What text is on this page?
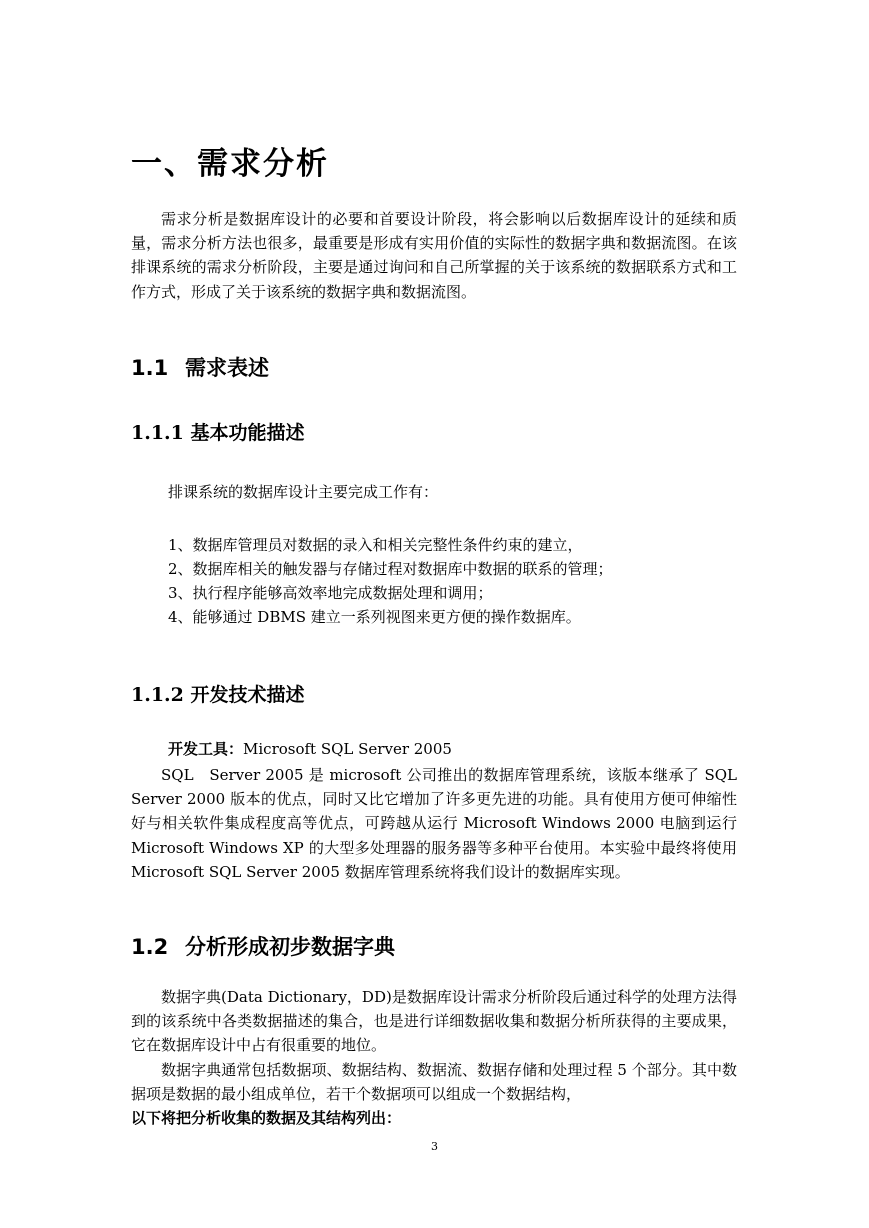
一、需求分析

需求分析是数据库设计的必要和首要设计阶段，将会影响以后数据库设计的延续和质量，需求分析方法也很多，最重要是形成有实用价值的实际性的数据字典和数据流图。在该排课系统的需求分析阶段，主要是通过询问和自己所掌握的关于该系统的数据联系方式和工作方式，形成了关于该系统的数据字典和数据流图。

1.1 需求表述
1.1.1 基本功能描述
排课系统的数据库设计主要完成工作有：
1、数据库管理员对数据的录入和相关完整性条件约束的建立，
2、数据库相关的触发器与存储过程对数据库中数据的联系的管理；
3、执行程序能够高效率地完成数据处理和调用；
4、能够通过 DBMS 建立一系列视图来更方便的操作数据库。
1.1.2 开发技术描述
开发工具：Microsoft SQL Server 2005

SQL　Server 2005 是 microsoft 公司推出的数据库管理系统，该版本继承了 SQL Server 2000 版本的优点，同时又比它增加了许多更先进的功能。具有使用方便可伸缩性好与相关软件集成程度高等优点，可跨越从运行 Microsoft Windows 2000 电脑到运行 Microsoft Windows XP 的大型多处理器的服务器等多种平台使用。本实验中最终将使用 Microsoft SQL Server 2005 数据库管理系统将我们设计的数据库实现。

1.2 分析形成初步数据字典

数据字典(Data Dictionary，DD)是数据库设计需求分析阶段后通过科学的处理方法得到的该系统中各类数据描述的集合，也是进行详细数据收集和数据分析所获得的主要成果，它在数据库设计中占有很重要的地位。

数据字典通常包括数据项、数据结构、数据流、数据存储和处理过程 5 个部分。其中数据项是数据的最小组成单位，若干个数据项可以组成一个数据结构，

以下将把分析收集的数据及其结构列出：

3
